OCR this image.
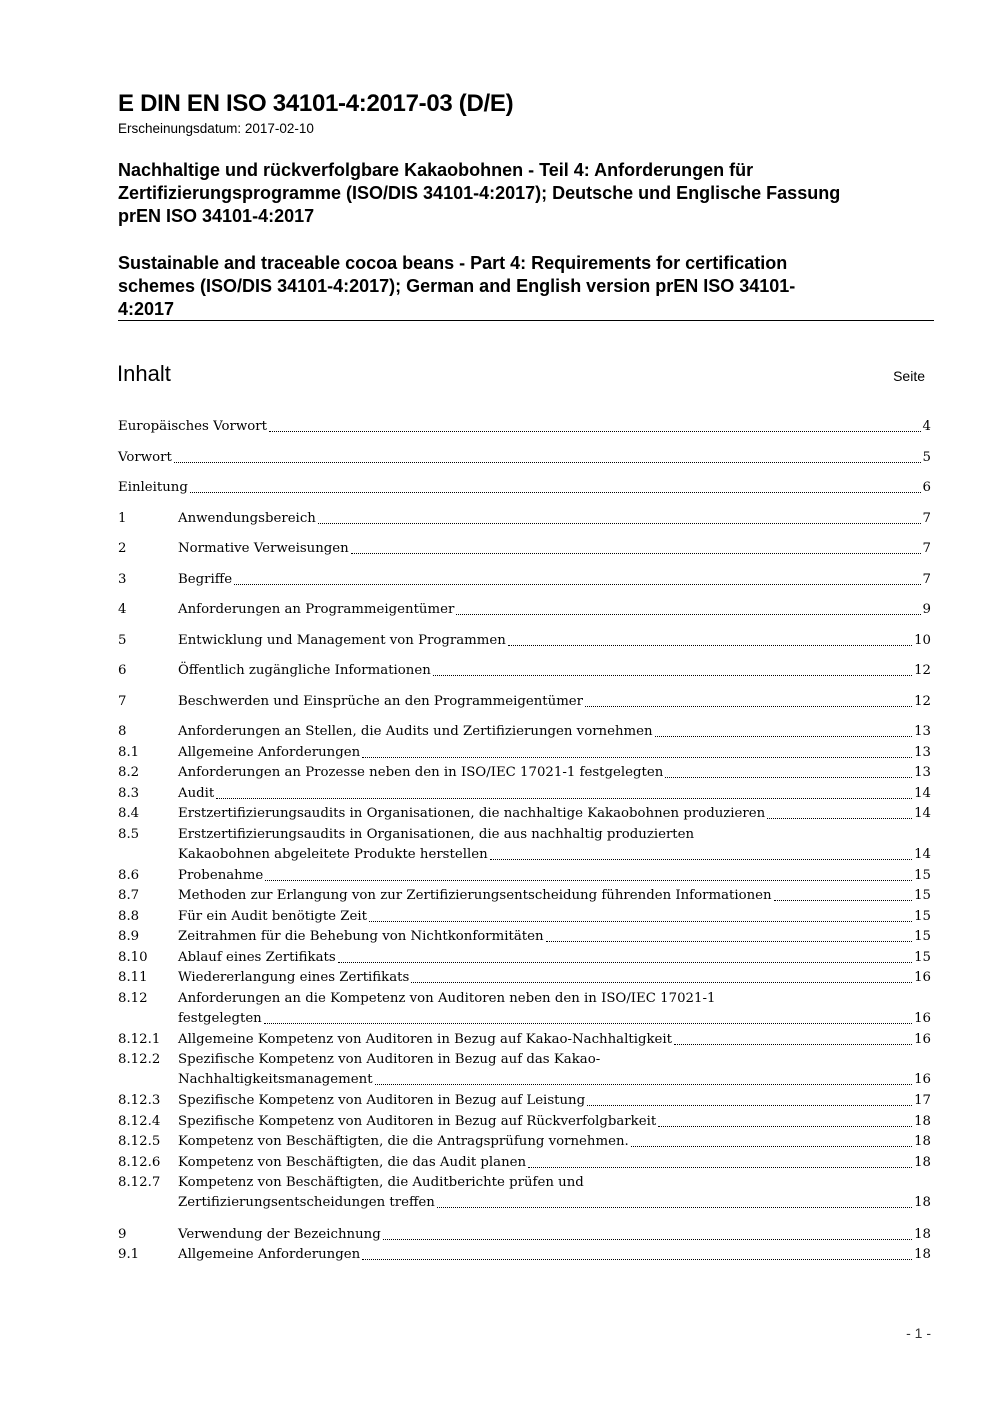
E DIN EN ISO 34101-4:2017-03 (D/E)
Erscheinungsdatum: 2017-02-10
Nachhaltige und rückverfolgbare Kakaobohnen - Teil 4: Anforderungen für
Zertifizierungsprogramme (ISO/DIS 34101-4:2017); Deutsche und Englische Fassung
prEN ISO 34101-4:2017
Sustainable and traceable cocoa beans - Part 4: Requirements for certification
schemes (ISO/DIS 34101-4:2017); German and English version prEN ISO 34101-
4:2017
Inhalt	Seite
Europäisches Vorwort	4
Vorwort	5
Einleitung	6
1	Anwendungsbereich	7
2	Normative Verweisungen	7
3	Begriffe	7
4	Anforderungen an Programmeigentümer	9
5	Entwicklung und Management von Programmen	10
6	Öffentlich zugängliche Informationen	12
7	Beschwerden und Einsprüche an den Programmeigentümer	12
8	Anforderungen an Stellen, die Audits und Zertifizierungen vornehmen	13
8.1	Allgemeine Anforderungen	13
8.2	Anforderungen an Prozesse neben den in ISO/IEC 17021-1 festgelegten	13
8.3	Audit	14
8.4	Erstzertifizierungsaudits in Organisationen, die nachhaltige Kakaobohnen produzieren	14
8.5	Erstzertifizierungsaudits in Organisationen, die aus nachhaltig produzierten
Kakaobohnen abgeleitete Produkte herstellen	14
8.6	Probenahme	15
8.7	Methoden zur Erlangung von zur Zertifizierungsentscheidung führenden Informationen	15
8.8	Für ein Audit benötigte Zeit	15
8.9	Zeitrahmen für die Behebung von Nichtkonformitäten	15
8.10	Ablauf eines Zertifikats	15
8.11	Wiedererlangung eines Zertifikats	16
8.12	Anforderungen an die Kompetenz von Auditoren neben den in ISO/IEC 17021-1
festgelegten	16
8.12.1	Allgemeine Kompetenz von Auditoren in Bezug auf Kakao-Nachhaltigkeit	16
8.12.2	Spezifische Kompetenz von Auditoren in Bezug auf das Kakao-
Nachhaltigkeitsmanagement	16
8.12.3	Spezifische Kompetenz von Auditoren in Bezug auf Leistung	17
8.12.4	Spezifische Kompetenz von Auditoren in Bezug auf Rückverfolgbarkeit	18
8.12.5	Kompetenz von Beschäftigten, die die Antragsprüfung vornehmen.	18
8.12.6	Kompetenz von Beschäftigten, die das Audit planen	18
8.12.7	Kompetenz von Beschäftigten, die Auditberichte prüfen und
Zertifizierungsentscheidungen treffen	18
9	Verwendung der Bezeichnung	18
9.1	Allgemeine Anforderungen	18
- 1 -
